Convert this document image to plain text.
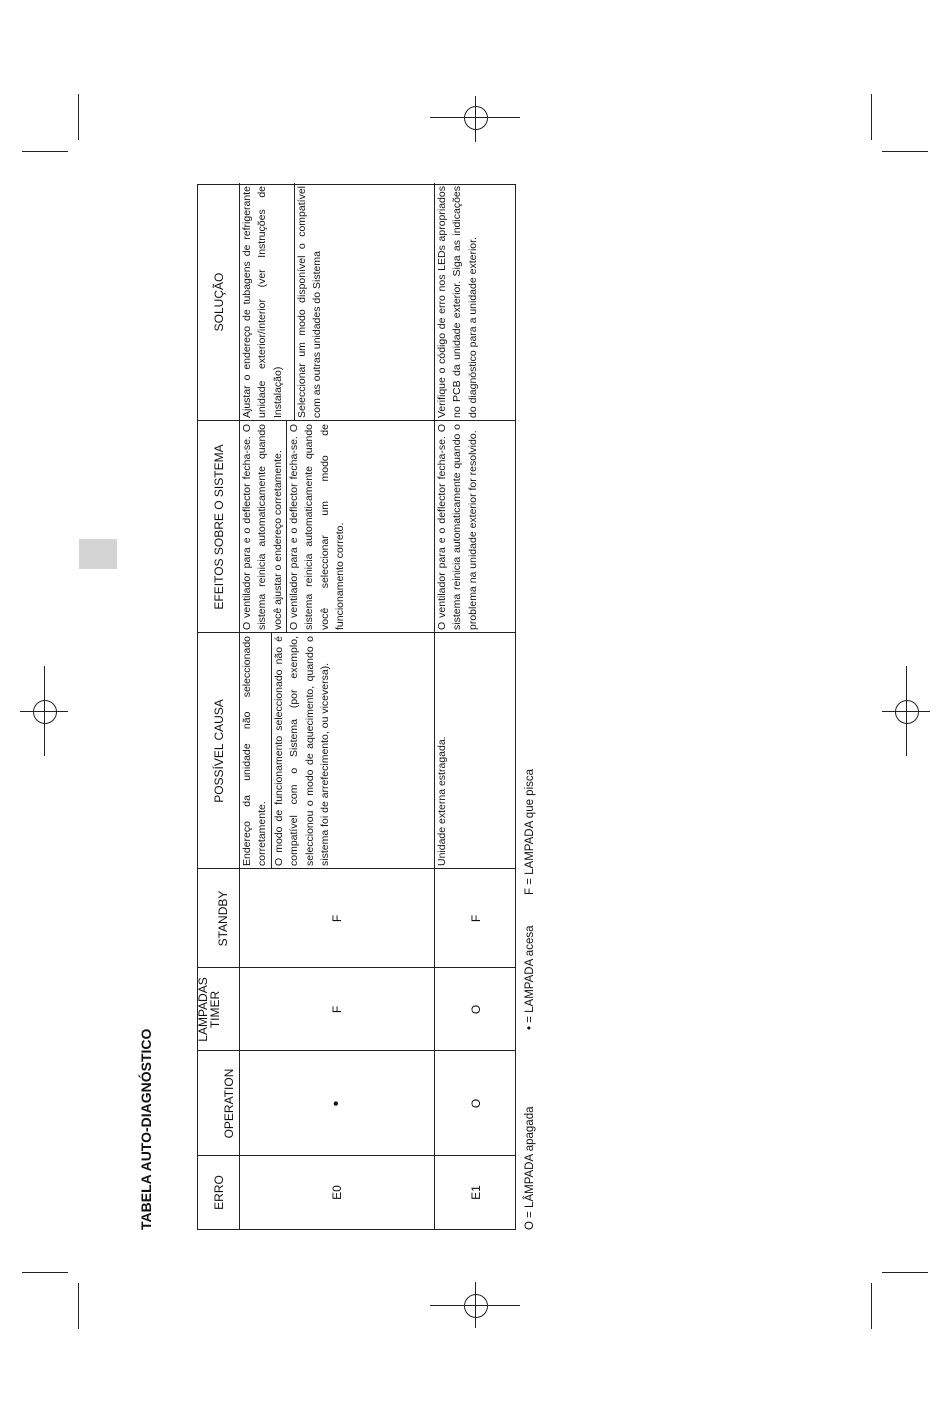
TABELA AUTO-DIAGNÓSTICO	ERRO
OPERATION
LAMPADAS
TIMER
STANDBY
POSSÍVEL CAUSA
EFEITOS SOBRE O SISTEMA
SOLUÇÃO
E0
•
F
F
Endereço da unidade não seleccionado corretamente. O modo de funcionamento seleccionado não é compatível com o Sistema (por exemplo, seleccionou o modo de aquecimento, quando o sistema foi de arrefecimento, ou viceversa).
O ventilador para e o deflector fecha-se. O sistema reinicia automaticamente quando você ajustar o endereço corretamente. O ventilador para e o deflector fecha-se. O sistema reinicia automaticamente quando você seleccionar um modo de funcionamento correto.
Ajustar o endereço de tubagens de refrigerante unidade exterior/interior (ver Instruções de Instalação) Seleccionar um modo disponível o compatível com as outras unidades do Sistema
E1
O
O
F
Unidade externa estragada.
O ventilador para e o deflector fecha-se. O sistema reinicia automaticamente quando o problema na unidade exterior for resolvido.
Verifique o código de erro nos LEDs apropriados no PCB da unidade exterior. Siga as indicações do diagnóstico para a unidade exterior.
O = LÂMPADA apagada
• = LAMPADA acesa
F = LAMPADA que pisca
